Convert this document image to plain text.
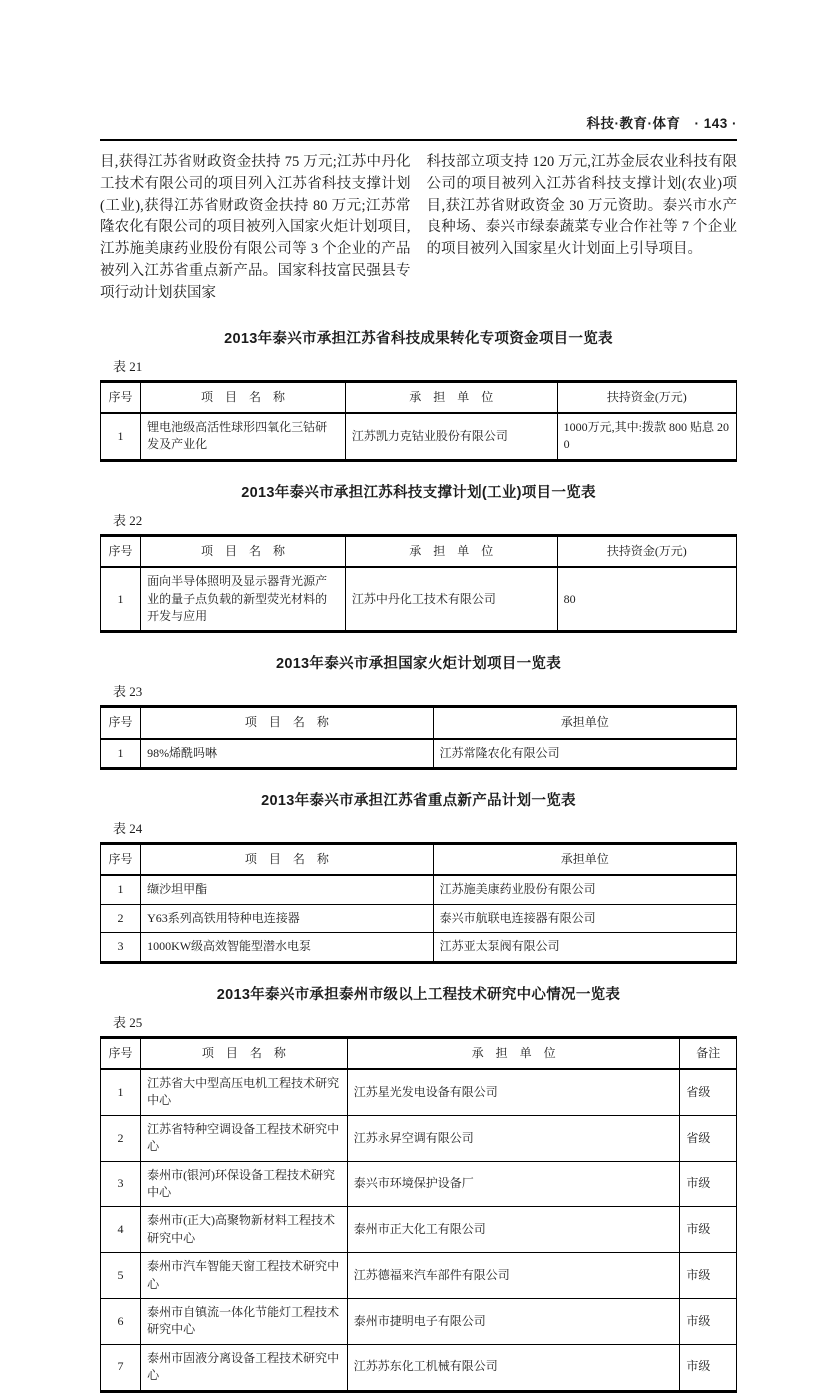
科技·教育·体育 · 143 ·

目,获得江苏省财政资金扶持 75 万元;江苏中丹化工技术有限公司的项目列入江苏省科技支撑计划 (工业),获得江苏省财政资金扶持 80 万元;江苏常隆农化有限公司的项目被列入国家火炬计划项目,江苏施美康药业股份有限公司等 3 个企业的产品被列入江苏省重点新产品。国家科技富民强县专项行动计划获国家

科技部立项支持 120 万元,江苏金辰农业科技有限公司的项目被列入江苏省科技支撑计划(农业)项目,获江苏省财政资金 30 万元资助。泰兴市水产良种场、泰兴市绿泰蔬菜专业合作社等 7 个企业的项目被列入国家星火计划面上引导项目。

2013年泰兴市承担江苏省科技成果转化专项资金项目一览表
表 21
序号	项　目　名　称	承　担　单　位	扶持资金(万元)
1	锂电池级高活性球形四氧化三钴研发及产业化	江苏凯力克钴业股份有限公司	1000万元,其中:拨款 800 贴息 200
2013年泰兴市承担江苏科技支撑计划(工业)项目一览表
表 22
序号	项　目　名　称	承　担　单　位	扶持资金(万元)
1	面向半导体照明及显示器背光源产业的量子点负载的新型荧光材料的开发与应用	江苏中丹化工技术有限公司	80
2013年泰兴市承担国家火炬计划项目一览表
表 23
序号	项　目　名　称	承担单位
1	98%烯酰吗啉	江苏常隆农化有限公司
2013年泰兴市承担江苏省重点新产品计划一览表
表 24
序号	项　目　名　称	承担单位
1	缬沙坦甲酯	江苏施美康药业股份有限公司
2	Y63系列高铁用特种电连接器	泰兴市航联电连接器有限公司
3	1000KW级高效智能型潜水电泵	江苏亚太泵阀有限公司
2013年泰兴市承担泰州市级以上工程技术研究中心情况一览表
表 25
序号	项　目　名　称	承　担　单　位	备注
1	江苏省大中型高压电机工程技术研究中心	江苏星光发电设备有限公司	省级
2	江苏省特种空调设备工程技术研究中心	江苏永昇空调有限公司	省级
3	泰州市(银河)环保设备工程技术研究中心	泰兴市环境保护设备厂	市级
4	泰州市(正大)高聚物新材料工程技术研究中心	泰州市正大化工有限公司	市级
5	泰州市汽车智能天窗工程技术研究中心	江苏德福来汽车部件有限公司	市级
6	泰州市自镇流一体化节能灯工程技术研究中心	泰州市捷明电子有限公司	市级
7	泰州市固液分离设备工程技术研究中心	江苏苏东化工机械有限公司	市级
